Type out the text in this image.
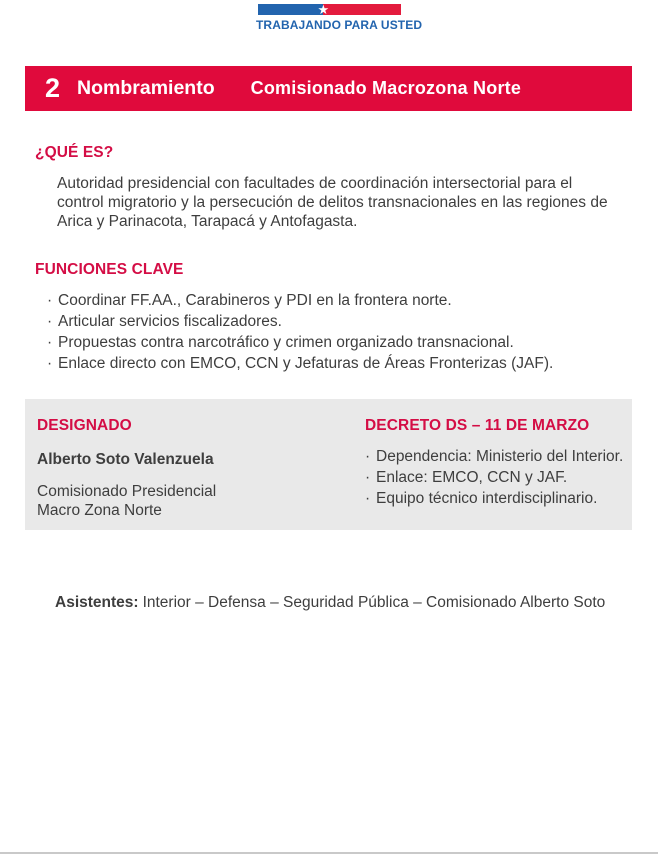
★
TRABAJANDO PARA USTED
2 Nombramiento Comisionado Macrozona Norte
¿QUÉ ES?

Autoridad presidencial con facultades de coordinación intersectorial para el control migratorio y la persecución de delitos transnacionales en las regiones de Arica y Parinacota, Tarapacá y Antofagasta.

FUNCIONES CLAVE
· Coordinar FF.AA., Carabineros y PDI en la frontera norte.
· Articular servicios fiscalizadores.
· Propuestas contra narcotráfico y crimen organizado transnacional.
· Enlace directo con EMCO, CCN y Jefaturas de Áreas Fronterizas (JAF).
DESIGNADO
Alberto Soto Valenzuela
Comisionado Presidencial
Macro Zona Norte
DECRETO DS – 11 DE MARZO
· Dependencia: Ministerio del Interior.
· Enlace: EMCO, CCN y JAF.
· Equipo técnico interdisciplinario.

Asistentes: Interior – Defensa – Seguridad Pública – Comisionado Alberto Soto
